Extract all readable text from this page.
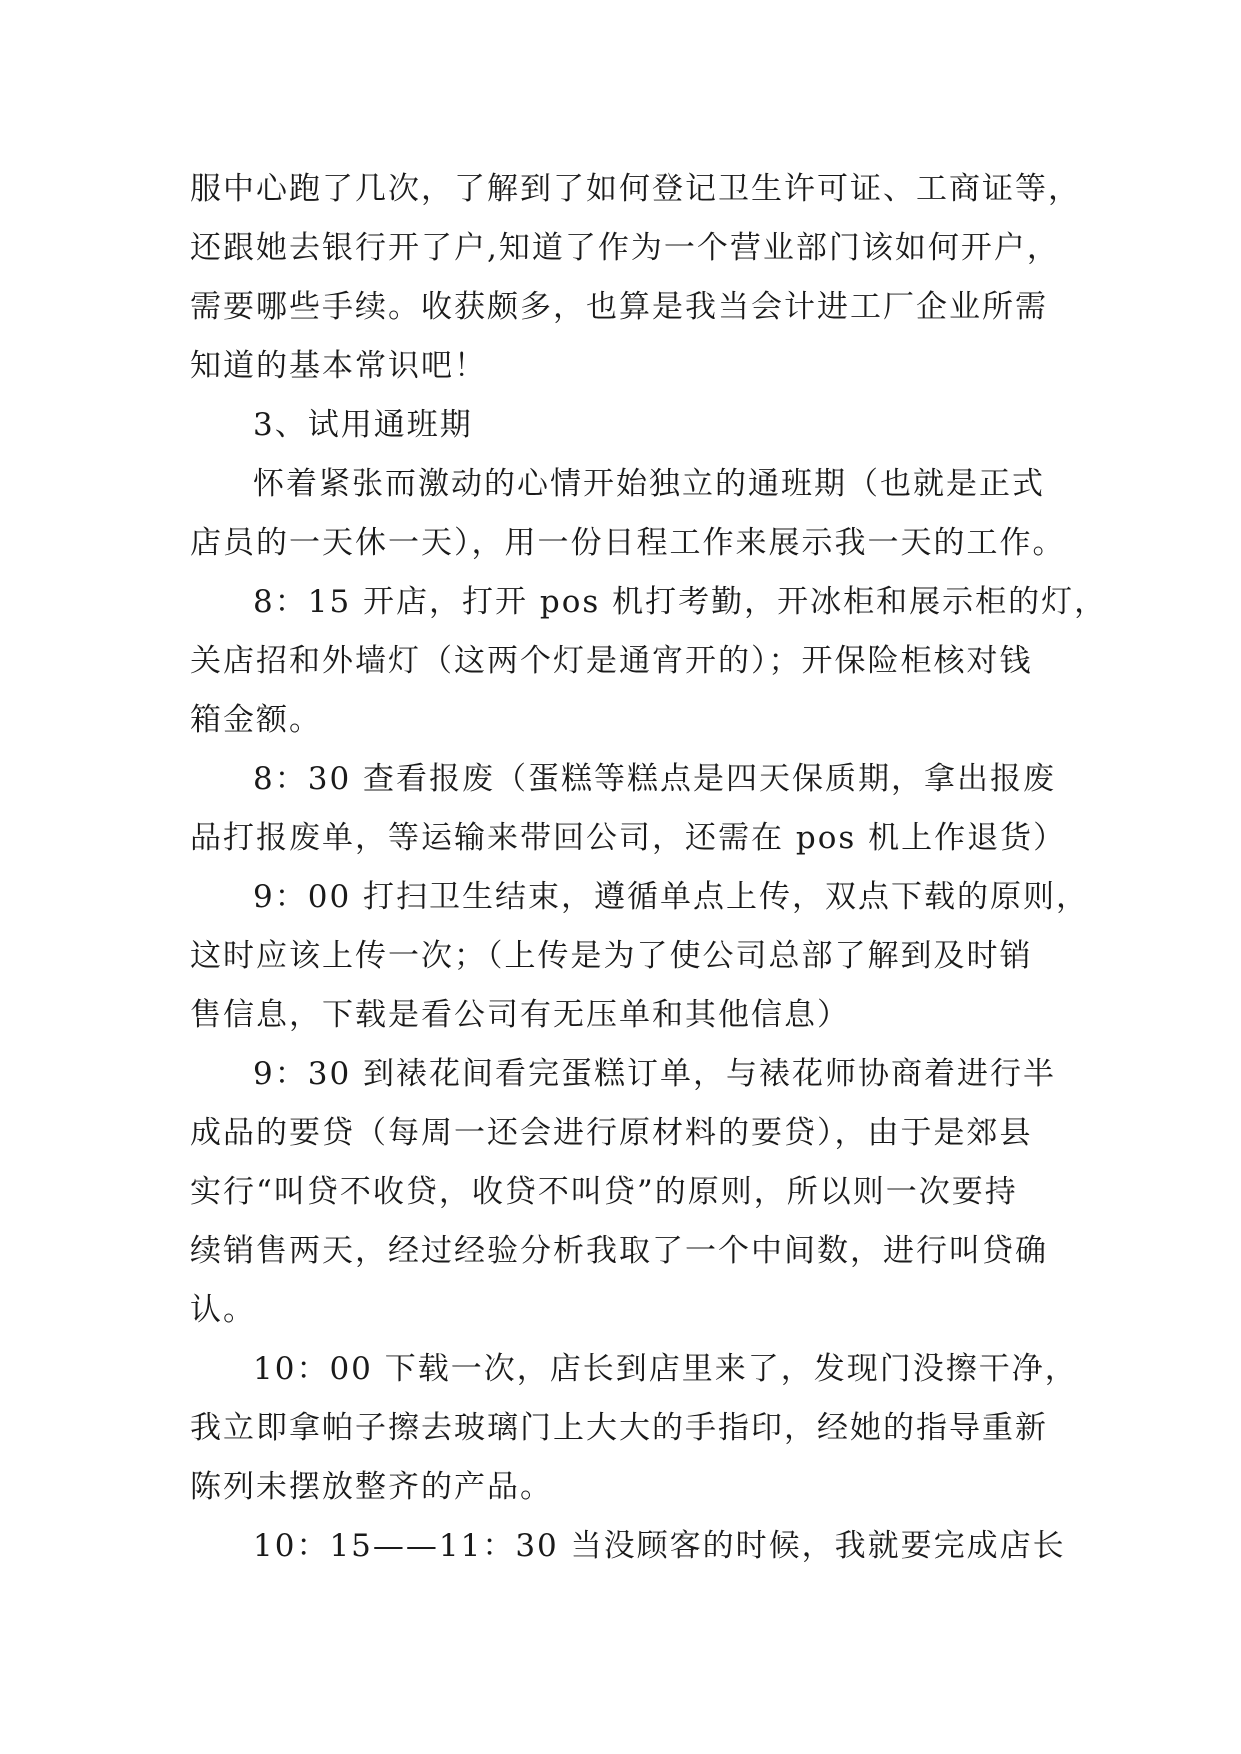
服中心跑了几次，了解到了如何登记卫生许可证、工商证等，
还跟她去银行开了户,知道了作为一个营业部门该如何开户，
需要哪些手续。收获颇多，也算是我当会计进工厂企业所需
知道的基本常识吧！
3、试用通班期
怀着紧张而激动的心情开始独立的通班期（也就是正式
店员的一天休一天），用一份日程工作来展示我一天的工作。
8：15 开店，打开 pos 机打考勤，开冰柜和展示柜的灯，
关店招和外墙灯（这两个灯是通宵开的）；开保险柜核对钱
箱金额。
8：30 查看报废（蛋糕等糕点是四天保质期，拿出报废
品打报废单，等运输来带回公司，还需在 pos 机上作退货）
9：00 打扫卫生结束，遵循单点上传，双点下载的原则，
这时应该上传一次；（上传是为了使公司总部了解到及时销
售信息，下载是看公司有无压单和其他信息）
9：30 到裱花间看完蛋糕订单，与裱花师协商着进行半
成品的要贷（每周一还会进行原材料的要贷），由于是郊县
实行“叫贷不收贷，收贷不叫贷”的原则，所以则一次要持
续销售两天，经过经验分析我取了一个中间数，进行叫贷确
认。
10：00 下载一次，店长到店里来了，发现门没擦干净，
我立即拿帕子擦去玻璃门上大大的手指印，经她的指导重新
陈列未摆放整齐的产品。
10：15——11：30 当没顾客的时候，我就要完成店长
